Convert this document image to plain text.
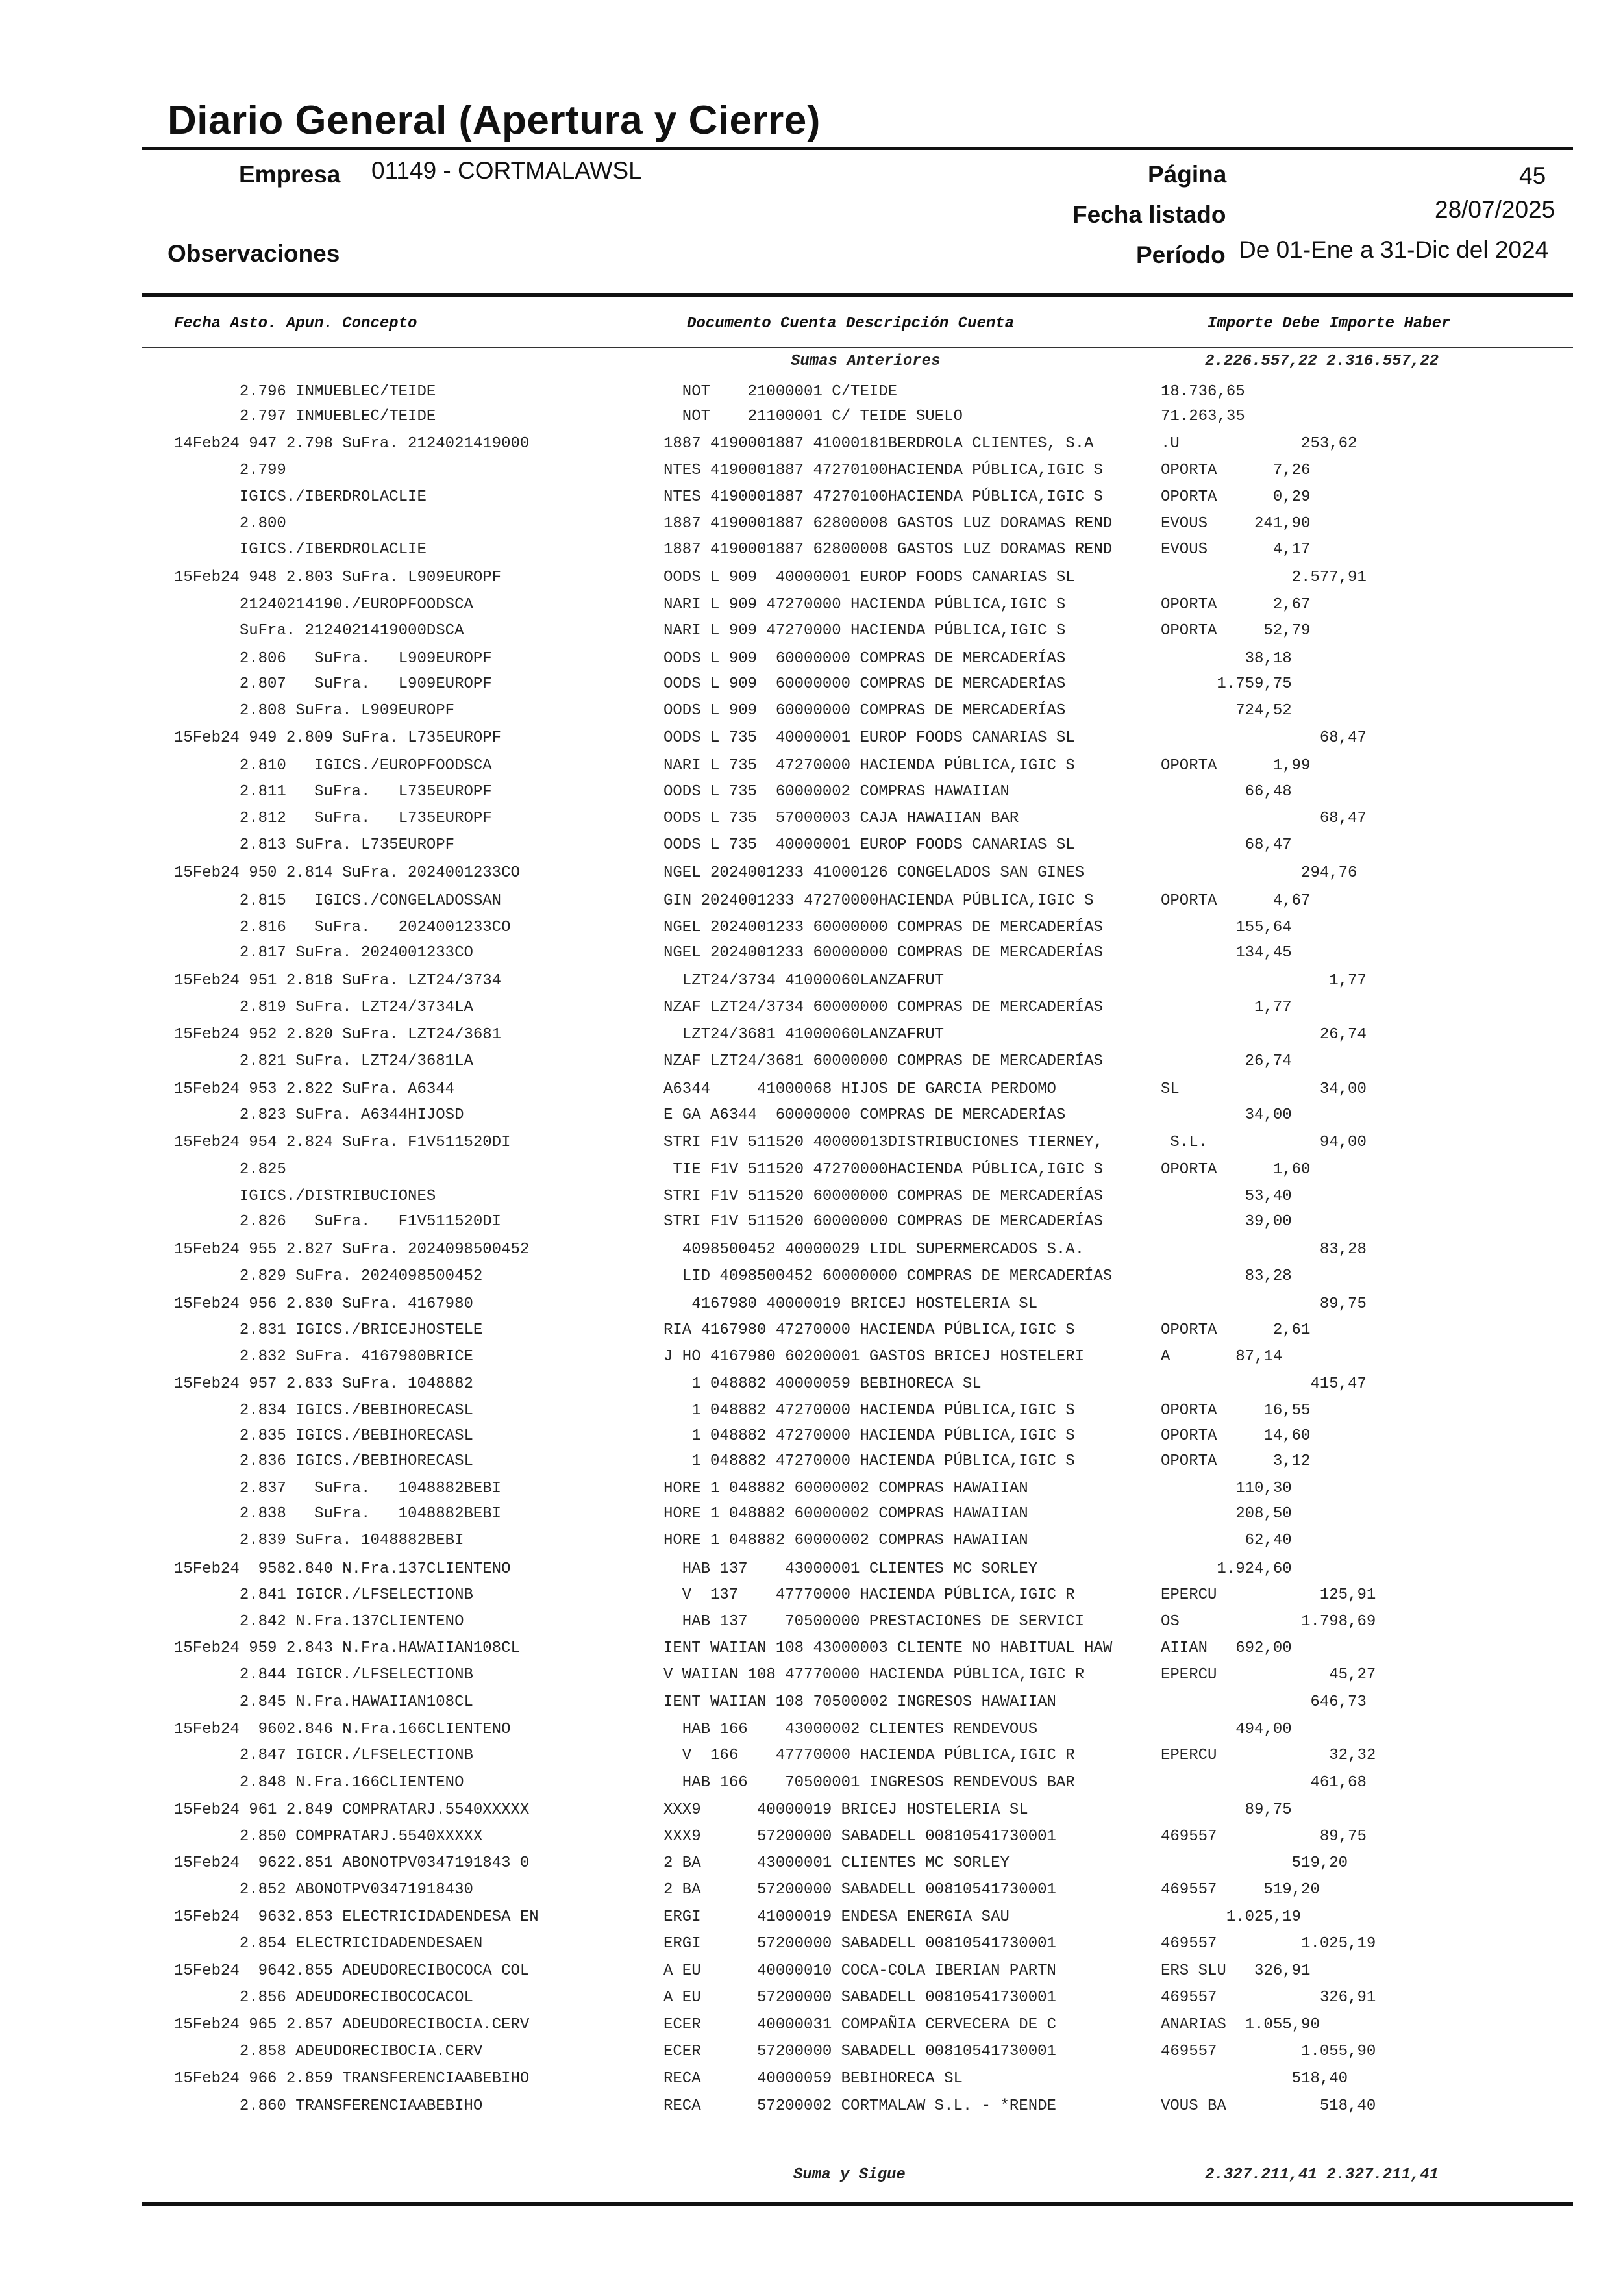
Diario General (Apertura y Cierre)
Empresa 01149 - CORTMALAWSL	Página	45
Fecha listado	28/07/2025
Observaciones	Período De 01-Ene a 31-Dic del 2024
Fecha Asto. Apun. Concepto	Documento Cuenta Descripción Cuenta	Importe Debe Importe Haber
Sumas Anteriores	2.226.557,22 2.316.557,22
2.796 INMUEBLEC/TEIDE	NOT    21000001 C/TEIDE	18.736,65
2.797 INMUEBLEC/TEIDE	NOT    21100001 C/ TEIDE SUELO	71.263,35
14Feb24 947 2.798 SuFra. 2124021419000	1887 4190001887 41000181BERDROLA CLIENTES, S.A	.U             253,62
2.799	NTES 4190001887 47270100HACIENDA PÚBLICA,IGIC S	OPORTA      7,26
IGICS./IBERDROLACLIE	NTES 4190001887 47270100HACIENDA PÚBLICA,IGIC S	OPORTA      0,29
2.800	1887 4190001887 62800008 GASTOS LUZ DORAMAS REND	EVOUS     241,90
IGICS./IBERDROLACLIE	1887 4190001887 62800008 GASTOS LUZ DORAMAS REND	EVOUS       4,17
15Feb24 948 2.803 SuFra. L909EUROPF	OODS L 909  40000001 EUROP FOODS CANARIAS SL	2.577,91
21240214190./EUROPFOODSCA	NARI L 909 47270000 HACIENDA PÚBLICA,IGIC S	OPORTA      2,67
SuFra. 2124021419000DSCA	NARI L 909 47270000 HACIENDA PÚBLICA,IGIC S	OPORTA     52,79
2.806   SuFra.   L909EUROPF	OODS L 909  60000000 COMPRAS DE MERCADERÍAS	38,18
2.807   SuFra.   L909EUROPF	OODS L 909  60000000 COMPRAS DE MERCADERÍAS	1.759,75
2.808 SuFra. L909EUROPF	OODS L 909  60000000 COMPRAS DE MERCADERÍAS	724,52
15Feb24 949 2.809 SuFra. L735EUROPF	OODS L 735  40000001 EUROP FOODS CANARIAS SL	68,47
2.810   IGICS./EUROPFOODSCA	NARI L 735  47270000 HACIENDA PÚBLICA,IGIC S	OPORTA      1,99
2.811   SuFra.   L735EUROPF	OODS L 735  60000002 COMPRAS HAWAIIAN	66,48
2.812   SuFra.   L735EUROPF	OODS L 735  57000003 CAJA HAWAIIAN BAR	68,47
2.813 SuFra. L735EUROPF	OODS L 735  40000001 EUROP FOODS CANARIAS SL	68,47
15Feb24 950 2.814 SuFra. 2024001233CO	NGEL 2024001233 41000126 CONGELADOS SAN GINES	294,76
2.815   IGICS./CONGELADOSSAN	GIN 2024001233 47270000HACIENDA PÚBLICA,IGIC S	OPORTA      4,67
2.816   SuFra.   2024001233CO	NGEL 2024001233 60000000 COMPRAS DE MERCADERÍAS	155,64
2.817 SuFra. 2024001233CO	NGEL 2024001233 60000000 COMPRAS DE MERCADERÍAS	134,45
15Feb24 951 2.818 SuFra. LZT24/3734	LZT24/3734 41000060LANZAFRUT	1,77
2.819 SuFra. LZT24/3734LA	NZAF LZT24/3734 60000000 COMPRAS DE MERCADERÍAS	1,77
15Feb24 952 2.820 SuFra. LZT24/3681	LZT24/3681 41000060LANZAFRUT	26,74
2.821 SuFra. LZT24/3681LA	NZAF LZT24/3681 60000000 COMPRAS DE MERCADERÍAS	26,74
15Feb24 953 2.822 SuFra. A6344	A6344     41000068 HIJOS DE GARCIA PERDOMO	SL               34,00
2.823 SuFra. A6344HIJOSD	E GA A6344  60000000 COMPRAS DE MERCADERÍAS	34,00
15Feb24 954 2.824 SuFra. F1V511520DI	STRI F1V 511520 40000013DISTRIBUCIONES TIERNEY,	S.L.            94,00
2.825	TIE F1V 511520 47270000HACIENDA PÚBLICA,IGIC S	OPORTA      1,60
IGICS./DISTRIBUCIONES	STRI F1V 511520 60000000 COMPRAS DE MERCADERÍAS	53,40
2.826   SuFra.   F1V511520DI	STRI F1V 511520 60000000 COMPRAS DE MERCADERÍAS	39,00
15Feb24 955 2.827 SuFra. 2024098500452	4098500452 40000029 LIDL SUPERMERCADOS S.A.	83,28
2.829 SuFra. 2024098500452	LID 4098500452 60000000 COMPRAS DE MERCADERÍAS	83,28
15Feb24 956 2.830 SuFra. 4167980	4167980 40000019 BRICEJ HOSTELERIA SL	89,75
2.831 IGICS./BRICEJHOSTELE	RIA 4167980 47270000 HACIENDA PÚBLICA,IGIC S	OPORTA      2,61
2.832 SuFra. 4167980BRICE	J HO 4167980 60200001 GASTOS BRICEJ HOSTELERI	A       87,14
15Feb24 957 2.833 SuFra. 1048882	1 048882 40000059 BEBIHORECA SL	415,47
2.834 IGICS./BEBIHORECASL	1 048882 47270000 HACIENDA PÚBLICA,IGIC S	OPORTA     16,55
2.835 IGICS./BEBIHORECASL	1 048882 47270000 HACIENDA PÚBLICA,IGIC S	OPORTA     14,60
2.836 IGICS./BEBIHORECASL	1 048882 47270000 HACIENDA PÚBLICA,IGIC S	OPORTA      3,12
2.837   SuFra.   1048882BEBI	HORE 1 048882 60000002 COMPRAS HAWAIIAN	110,30
2.838   SuFra.   1048882BEBI	HORE 1 048882 60000002 COMPRAS HAWAIIAN	208,50
2.839 SuFra. 1048882BEBI	HORE 1 048882 60000002 COMPRAS HAWAIIAN	62,40
15Feb24  9582.840 N.Fra.137CLIENTENO	HAB 137    43000001 CLIENTES MC SORLEY	1.924,60
2.841 IGICR./LFSELECTIONB	V  137    47770000 HACIENDA PÚBLICA,IGIC R	EPERCU           125,91
2.842 N.Fra.137CLIENTENO	HAB 137    70500000 PRESTACIONES DE SERVICI	OS             1.798,69
15Feb24 959 2.843 N.Fra.HAWAIIAN108CL	IENT WAIIAN 108 43000003 CLIENTE NO HABITUAL HAW	AIIAN   692,00
2.844 IGICR./LFSELECTIONB	V WAIIAN 108 47770000 HACIENDA PÚBLICA,IGIC R	EPERCU            45,27
2.845 N.Fra.HAWAIIAN108CL	IENT WAIIAN 108 70500002 INGRESOS HAWAIIAN	646,73
15Feb24  9602.846 N.Fra.166CLIENTENO	HAB 166    43000002 CLIENTES RENDEVOUS	494,00
2.847 IGICR./LFSELECTIONB	V  166    47770000 HACIENDA PÚBLICA,IGIC R	EPERCU            32,32
2.848 N.Fra.166CLIENTENO	HAB 166    70500001 INGRESOS RENDEVOUS BAR	461,68
15Feb24 961 2.849 COMPRATARJ.5540XXXXX	XXX9      40000019 BRICEJ HOSTELERIA SL	89,75
2.850 COMPRATARJ.5540XXXXX	XXX9      57200000 SABADELL 00810541730001	469557           89,75
15Feb24  9622.851 ABONOTPV0347191843 0	2 BA      43000001 CLIENTES MC SORLEY	519,20
2.852 ABONOTPV03471918430	2 BA      57200000 SABADELL 00810541730001	469557     519,20
15Feb24  9632.853 ELECTRICIDADENDESA EN	ERGI      41000019 ENDESA ENERGIA SAU	1.025,19
2.854 ELECTRICIDADENDESAEN	ERGI      57200000 SABADELL 00810541730001	469557         1.025,19
15Feb24  9642.855 ADEUDORECIBOCOCA COL	A EU      40000010 COCA-COLA IBERIAN PARTN	ERS SLU   326,91
2.856 ADEUDORECIBOCOCACOL	A EU      57200000 SABADELL 00810541730001	469557           326,91
15Feb24 965 2.857 ADEUDORECIBOCIA.CERV	ECER      40000031 COMPAÑIA CERVECERA DE C	ANARIAS  1.055,90
2.858 ADEUDORECIBOCIA.CERV	ECER      57200000 SABADELL 00810541730001	469557         1.055,90
15Feb24 966 2.859 TRANSFERENCIAABEBIHO	RECA      40000059 BEBIHORECA SL	518,40
2.860 TRANSFERENCIAABEBIHO	RECA      57200002 CORTMALAW S.L. - *RENDE	VOUS BA          518,40
Suma y Sigue	2.327.211,41 2.327.211,41
